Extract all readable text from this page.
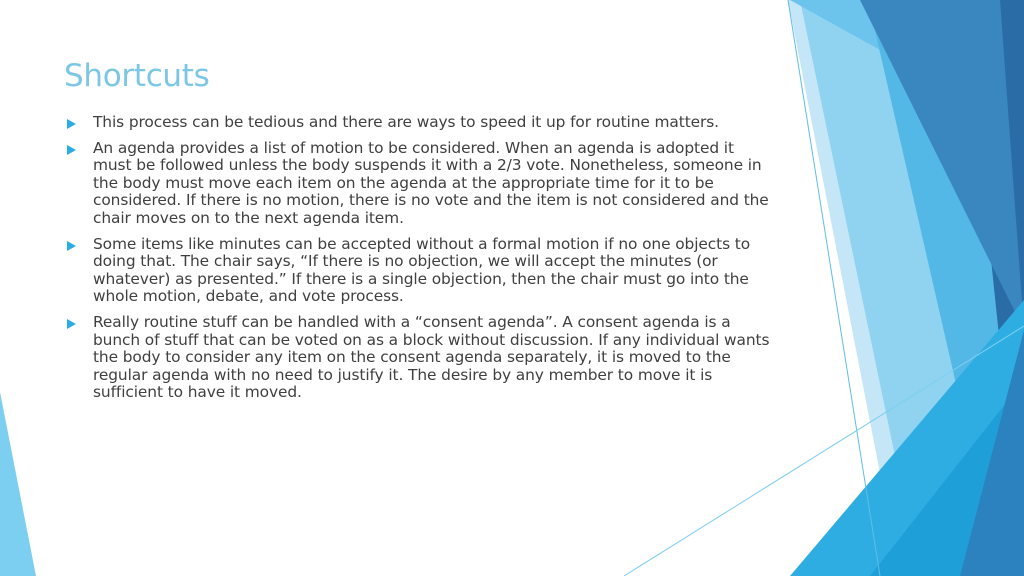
Shortcuts
This process can be tedious and there are ways to speed it up for routine matters.
An agenda provides a list of motion to be considered. When an agenda is adopted it must be followed unless the body suspends it with a 2/3 vote. Nonetheless, someone in the body must move each item on the agenda at the appropriate time for it to be considered. If there is no motion, there is no vote and the item is not considered and the chair moves on to the next agenda item.
Some items like minutes can be accepted without a formal motion if no one objects to doing that. The chair says, “If there is no objection, we will accept the minutes (or whatever) as presented.” If there is a single objection, then the chair must go into the whole motion, debate, and vote process.
Really routine stuff can be handled with a “consent agenda”. A consent agenda is a bunch of stuff that can be voted on as a block without discussion. If any individual wants the body to consider any item on the consent agenda separately, it is moved to the regular agenda with no need to justify it. The desire by any member to move it is sufficient to have it moved.
